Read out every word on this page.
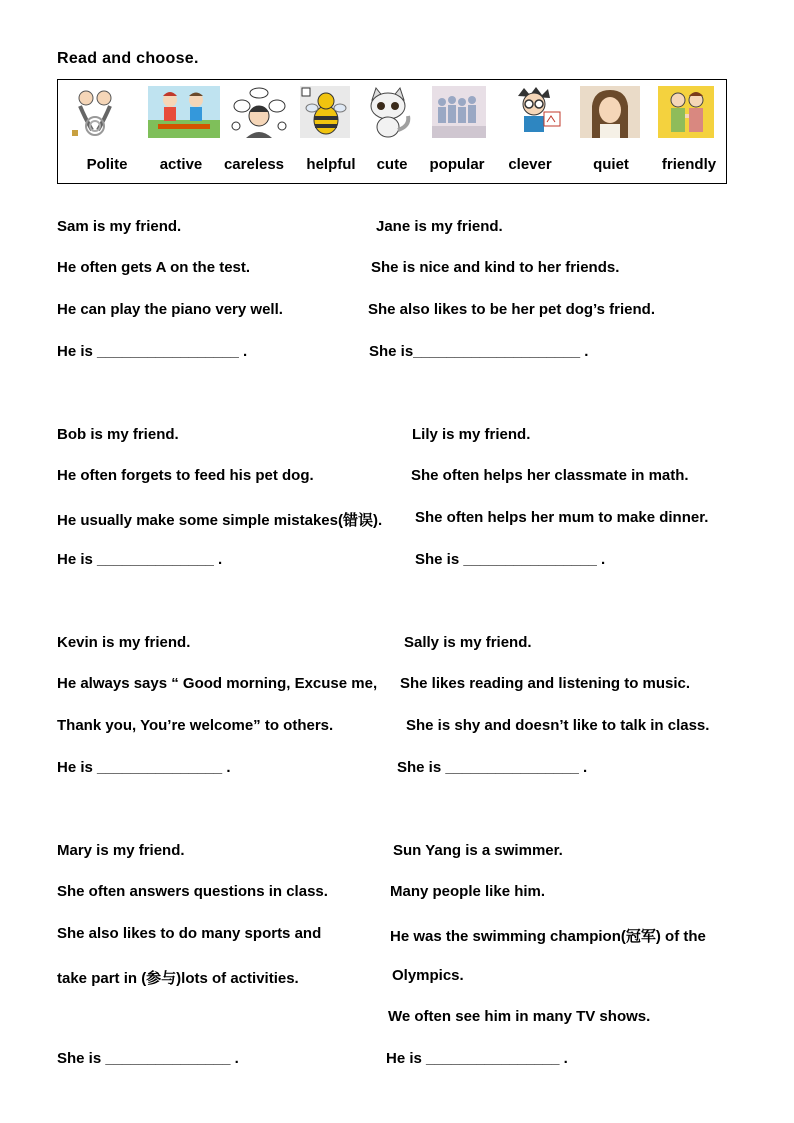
Read and choose.
Polite	active	careless	helpful	cute	popular	clever	quiet	friendly
Sam is my friend.
He often gets A on the test.
He can play the piano very well.
He is _________________ .
Jane is my friend.
She is nice and kind to her friends.
She also likes to be her pet dog’s friend.
She is____________________ .
Bob is my friend.
He often forgets to feed his pet dog.
He usually make some simple mistakes(错误).
He is ______________ .
Lily is my friend.
She often helps her classmate in math.
She often helps her mum to make dinner.
She is ________________ .
Kevin is my friend.
He always says “ Good morning, Excuse me,
Thank you, You’re welcome” to others.
He is _______________ .
Sally is my friend.
She likes reading and listening to music.
She is shy and doesn’t like to talk in class.
She is ________________ .
Mary is my friend.
She often answers questions in class.
She also likes to do many sports and
take part in (参与)lots of activities.
She is _______________ .
Sun Yang is a swimmer.
Many people like him.
He was the swimming champion(冠军) of the
Olympics.
We often see him in many TV shows.
He is ________________ .
